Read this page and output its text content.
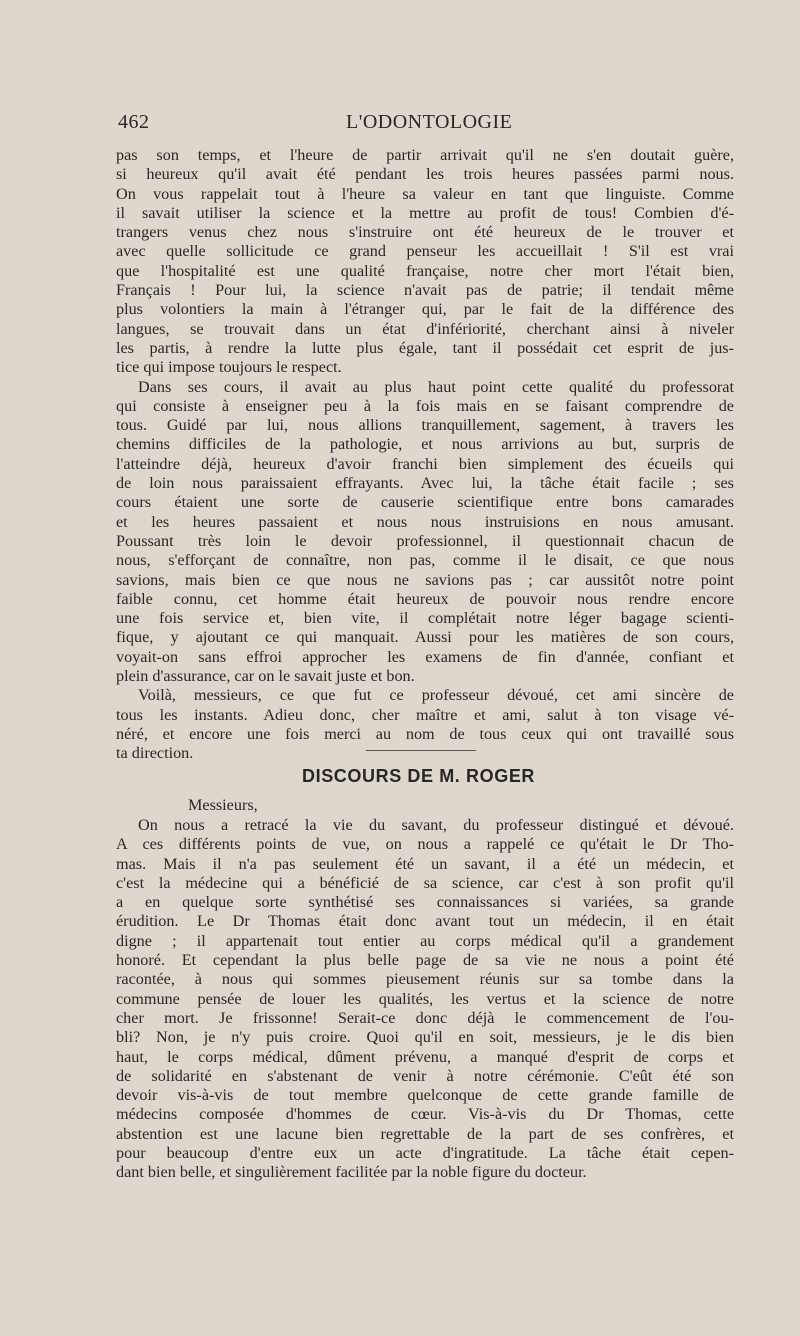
462	L'ODONTOLOGIE
pas son temps, et l'heure de partir arrivait qu'il ne s'en doutait guère,
si heureux qu'il avait été pendant les trois heures passées parmi nous.
On vous rappelait tout à l'heure sa valeur en tant que linguiste. Comme
il savait utiliser la science et la mettre au profit de tous! Combien d'é-
trangers venus chez nous s'instruire ont été heureux de le trouver et
avec quelle sollicitude ce grand penseur les accueillait ! S'il est vrai
que l'hospitalité est une qualité française, notre cher mort l'était bien,
Français ! Pour lui, la science n'avait pas de patrie; il tendait même
plus volontiers la main à l'étranger qui, par le fait de la différence des
langues, se trouvait dans un état d'infériorité, cherchant ainsi à niveler
les partis, à rendre la lutte plus égale, tant il possédait cet esprit de jus-
tice qui impose toujours le respect.
Dans ses cours, il avait au plus haut point cette qualité du professorat
qui consiste à enseigner peu à la fois mais en se faisant comprendre de
tous. Guidé par lui, nous allions tranquillement, sagement, à travers les
chemins difficiles de la pathologie, et nous arrivions au but, surpris de
l'atteindre déjà, heureux d'avoir franchi bien simplement des écueils qui
de loin nous paraissaient effrayants. Avec lui, la tâche était facile ; ses
cours étaient une sorte de causerie scientifique entre bons camarades
et les heures passaient et nous nous instruisions en nous amusant.
Poussant très loin le devoir professionnel, il questionnait chacun de
nous, s'efforçant de connaître, non pas, comme il le disait, ce que nous
savions, mais bien ce que nous ne savions pas ; car aussitôt notre point
faible connu, cet homme était heureux de pouvoir nous rendre encore
une fois service et, bien vite, il complétait notre léger bagage scienti-
fique, y ajoutant ce qui manquait. Aussi pour les matières de son cours,
voyait-on sans effroi approcher les examens de fin d'année, confiant et
plein d'assurance, car on le savait juste et bon.
Voilà, messieurs, ce que fut ce professeur dévoué, cet ami sincère de
tous les instants. Adieu donc, cher maître et ami, salut à ton visage vé-
néré, et encore une fois merci au nom de tous ceux qui ont travaillé sous
ta direction.
DISCOURS DE M. ROGER
Messieurs,
On nous a retracé la vie du savant, du professeur distingué et dévoué.
A ces différents points de vue, on nous a rappelé ce qu'était le Dr Tho-
mas. Mais il n'a pas seulement été un savant, il a été un médecin, et
c'est la médecine qui a bénéficié de sa science, car c'est à son profit qu'il
a en quelque sorte synthétisé ses connaissances si variées, sa grande
érudition. Le Dr Thomas était donc avant tout un médecin, il en était
digne ; il appartenait tout entier au corps médical qu'il a grandement
honoré. Et cependant la plus belle page de sa vie ne nous a point été
racontée, à nous qui sommes pieusement réunis sur sa tombe dans la
commune pensée de louer les qualités, les vertus et la science de notre
cher mort. Je frissonne! Serait-ce donc déjà le commencement de l'ou-
bli? Non, je n'y puis croire. Quoi qu'il en soit, messieurs, je le dis bien
haut, le corps médical, dûment prévenu, a manqué d'esprit de corps et
de solidarité en s'abstenant de venir à notre cérémonie. C'eût été son
devoir vis-à-vis de tout membre quelconque de cette grande famille de
médecins composée d'hommes de cœur. Vis-à-vis du Dr Thomas, cette
abstention est une lacune bien regrettable de la part de ses confrères, et
pour beaucoup d'entre eux un acte d'ingratitude. La tâche était cepen-
dant bien belle, et singulièrement facilitée par la noble figure du docteur.
